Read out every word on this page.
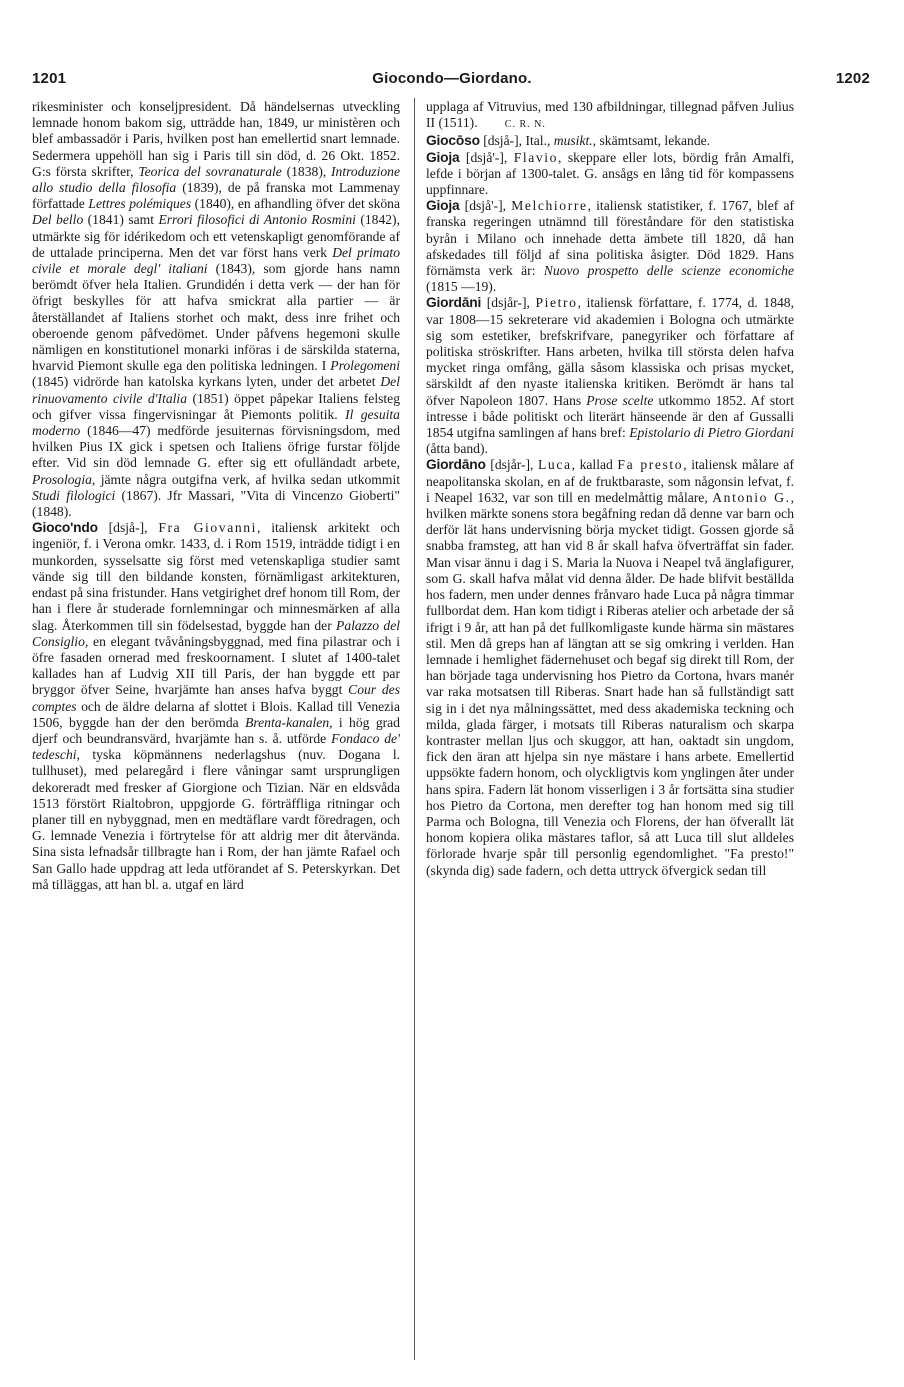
1201	Giocondo—Giordano.	1202

rikesminister och konseljpresident. Då händelsernas utveckling lemnade honom bakom sig, utträdde han, 1849, ur ministèren och blef ambassadör i Paris, hvilken post han emellertid snart lemnade. Sedermera uppehöll han sig i Paris till sin död, d. 26 Okt. 1852. G:s första skrifter, Teorica del sovranaturale (1838), Introduzione allo studio della filosofia (1839), de på franska mot Lammenay författade Lettres polémiques (1840), en afhandling öfver det sköna Del bello (1841) samt Errori filosofici di Antonio Rosmini (1842), utmärkte sig för idérikedom och ett vetenskapligt genomförande af de uttalade principerna. Men det var först hans verk Del primato civile et morale degl' italiani (1843), som gjorde hans namn berömdt öfver hela Italien. Grundidén i detta verk — der han för öfrigt beskylles för att hafva smickrat alla partier — är återställandet af Italiens storhet och makt, dess inre frihet och oberoende genom påfvedömet. Under påfvens hegemoni skulle nämligen en konstitutionel monarki införas i de särskilda staterna, hvarvid Piemont skulle ega den politiska ledningen. I Prolegomeni (1845) vidrörde han katolska kyrkans lyten, under det arbetet Del rinuovamento civile d'Italia (1851) öppet påpekar Italiens felsteg och gifver vissa fingervisningar åt Piemonts politik. Il gesuita moderno (1846—47) medförde jesuiternas förvisningsdom, med hvilken Pius IX gick i spetsen och Italiens öfrige furstar följde efter. Vid sin död lemnade G. efter sig ett ofulländadt arbete, Prosologia, jämte några outgifna verk, af hvilka sedan utkommit Studi filologici (1867). Jfr Massari, "Vita di Vincenzo Gioberti" (1848).

Gioco'ndo [dsjå-], Fra Giovanni, italiensk arkitekt och ingeniör, f. i Verona omkr. 1433, d. i Rom 1519, inträdde tidigt i en munkorden, sysselsatte sig först med vetenskapliga studier samt vände sig till den bildande konsten, förnämligast arkitekturen, endast på sina fristunder. Hans vetgirighet dref honom till Rom, der han i flere år studerade fornlemningar och minnesmärken af alla slag. Återkommen till sin födelsestad, byggde han der Palazzo del Consiglio, en elegant tvåvåningsbyggnad, med fina pilastrar och i öfre fasaden ornerad med freskoornament. I slutet af 1400-talet kallades han af Ludvig XII till Paris, der han byggde ett par bryggor öfver Seine, hvarjämte han anses hafva byggt Cour des comptes och de äldre delarna af slottet i Blois. Kallad till Venezia 1506, byggde han der den berömda Brenta-kanalen, i hög grad djerf och beundransvärd, hvarjämte han s. å. utförde Fondaco de' tedeschi, tyska köpmännens nederlagshus (nuv. Dogana l. tullhuset), med pelaregård i flere våningar samt ursprungligen dekoreradt med fresker af Giorgione och Tizian. När en eldsvåda 1513 förstört Rialtobron, uppgjorde G. förträffliga ritningar och planer till en nybyggnad, men en medtäflare vardt föredragen, och G. lemnade Venezia i förtrytelse för att aldrig mer dit återvända. Sina sista lefnadsår tillbragte han i Rom, der han jämte Rafael och San Gallo hade uppdrag att leda utförandet af S. Peterskyrkan. Det må tilläggas, att han bl. a. utgaf en lärd

upplaga af Vitruvius, med 130 afbildningar, tillegnad påfven Julius II (1511).  	C. R. N.

Giocōso [dsjå-], Ital., musikt., skämtsamt, lekande.

Gioja [dsjå'-], Flavio, skeppare eller lots, bördig från Amalfi, lefde i början af 1300-talet. G. ansågs en lång tid för kompassens uppfinnare.

Gioja [dsjå'-], Melchiorre, italiensk statistiker, f. 1767, blef af franska regeringen utnämnd till föreståndare för den statistiska byrån i Milano och innehade detta ämbete till 1820, då han afskedades till följd af sina politiska åsigter. Död 1829. Hans förnämsta verk är: Nuovo prospetto delle scienze economiche (1815 —19).

Giordāni [dsjår-], Pietro, italiensk författare, f. 1774, d. 1848, var 1808—15 sekreterare vid akademien i Bologna och utmärkte sig som estetiker, brefskrifvare, panegyriker och författare af politiska ströskrifter. Hans arbeten, hvilka till största delen hafva mycket ringa omfång, gälla såsom klassiska och prisas mycket, särskildt af den nyaste italienska kritiken. Berömdt är hans tal öfver Napoleon 1807. Hans Prose scelte utkommo 1852. Af stort intresse i både politiskt och literärt hänseende är den af Gussalli 1854 utgifna samlingen af hans bref: Epistolario di Pietro Giordani (åtta band).

Giordāno [dsjår-], Luca, kallad Fa presto, italiensk målare af neapolitanska skolan, en af de fruktbaraste, som någonsin lefvat, f. i Neapel 1632, var son till en medelmåttig målare, Antonio G., hvilken märkte sonens stora begåfning redan då denne var barn och derför lät hans undervisning börja mycket tidigt. Gossen gjorde så snabba framsteg, att han vid 8 år skall hafva öfverträffat sin fader. Man visar ännu i dag i S. Maria la Nuova i Neapel två änglafigurer, som G. skall hafva målat vid denna ålder. De hade blifvit beställda hos fadern, men under dennes frånvaro hade Luca på några timmar fullbordat dem. Han kom tidigt i Riberas atelier och arbetade der så ifrigt i 9 år, att han på det fullkomligaste kunde härma sin mästares stil. Men då greps han af längtan att se sig omkring i verlden. Han lemnade i hemlighet fädernehuset och begaf sig direkt till Rom, der han började taga undervisning hos Pietro da Cortona, hvars manér var raka motsatsen till Riberas. Snart hade han så fullständigt satt sig in i det nya målningssättet, med dess akademiska teckning och milda, glada färger, i motsats till Riberas naturalism och skarpa kontraster mellan ljus och skuggor, att han, oaktadt sin ungdom, fick den äran att hjelpa sin nye mästare i hans arbete. Emellertid uppsökte fadern honom, och olyckligtvis kom ynglingen åter under hans spira. Fadern lät honom visserligen i 3 år fortsätta sina studier hos Pietro da Cortona, men derefter tog han honom med sig till Parma och Bologna, till Venezia och Florens, der han öfverallt lät honom kopiera olika mästares taflor, så att Luca till slut alldeles förlorade hvarje spår till personlig egendomlighet. "Fa presto!" (skynda dig) sade fadern, och detta uttryck öfvergick sedan till
